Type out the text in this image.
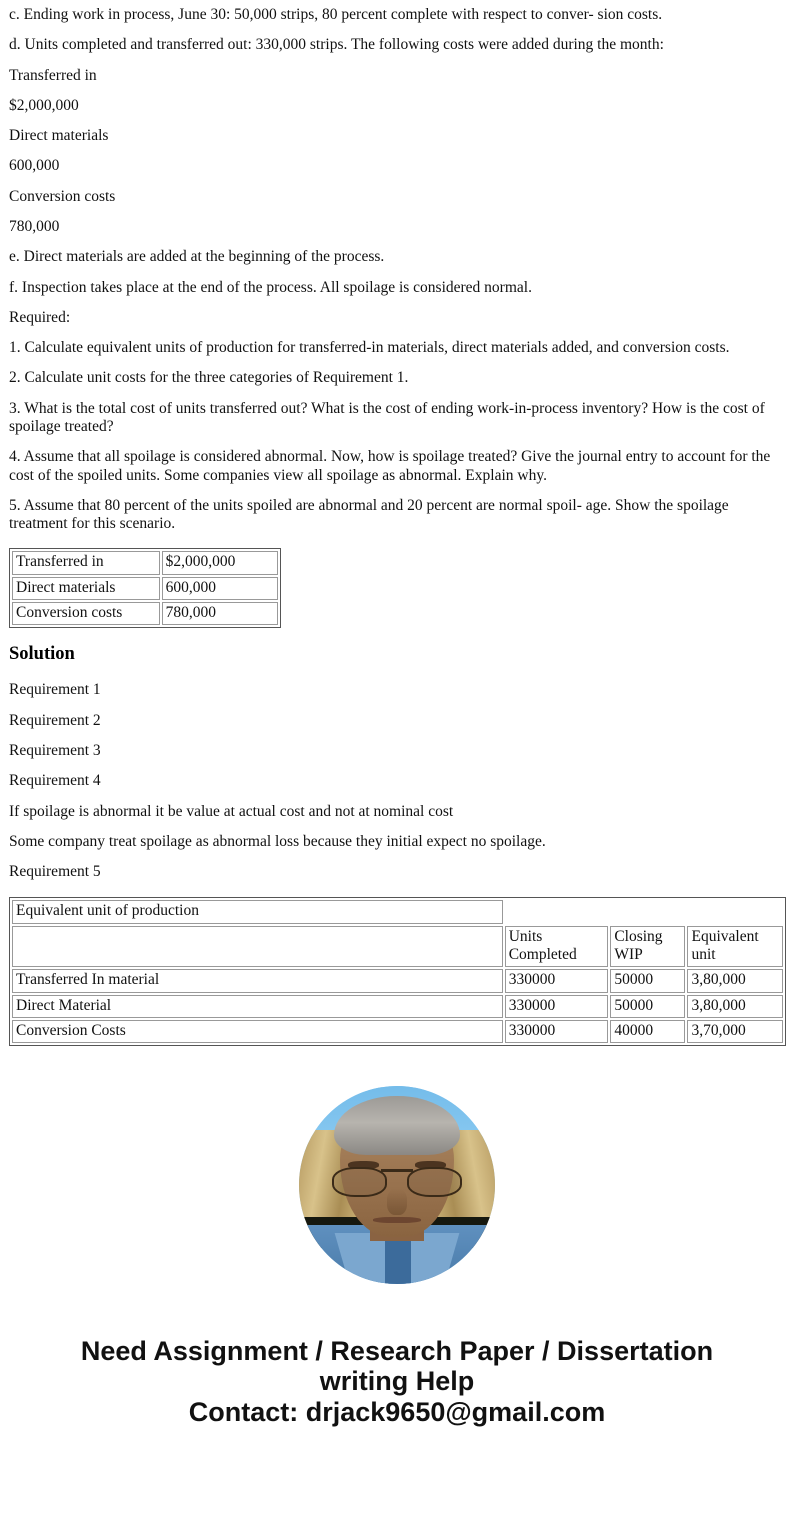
c. Ending work in process, June 30: 50,000 strips, 80 percent complete with respect to conver- sion costs.

d. Units completed and transferred out: 330,000 strips. The following costs were added during the month:

Transferred in

$2,000,000

Direct materials

600,000

Conversion costs

780,000

e. Direct materials are added at the beginning of the process.

f. Inspection takes place at the end of the process. All spoilage is considered normal.

Required:

1. Calculate equivalent units of production for transferred-in materials, direct materials added, and conversion costs.

2. Calculate unit costs for the three categories of Requirement 1.

3. What is the total cost of units transferred out? What is the cost of ending work-in-process inventory? How is the cost of spoilage treated?

4. Assume that all spoilage is considered abnormal. Now, how is spoilage treated? Give the journal entry to account for the cost of the spoiled units. Some companies view all spoilage as abnormal. Explain why.

5. Assume that 80 percent of the units spoiled are abnormal and 20 percent are normal spoil- age. Show the spoilage treatment for this scenario.

Transferred in	$2,000,000
Direct materials	600,000
Conversion costs	780,000
Solution

Requirement 1

Requirement 2

Requirement 3

Requirement 4

If spoilage is abnormal it be value at actual cost and not at nominal cost

Some company treat spoilage as abnormal loss because they initial expect no spoilage.

Requirement 5

Equivalent unit of production			
	Units Completed	Closing WIP	Equivalent unit
Transferred In material	330000	50000	3,80,000
Direct Material	330000	50000	3,80,000
Conversion Costs	330000	40000	3,70,000
Need Assignment / Research Paper / Dissertation
writing Help
Contact: drjack9650@gmail.com
